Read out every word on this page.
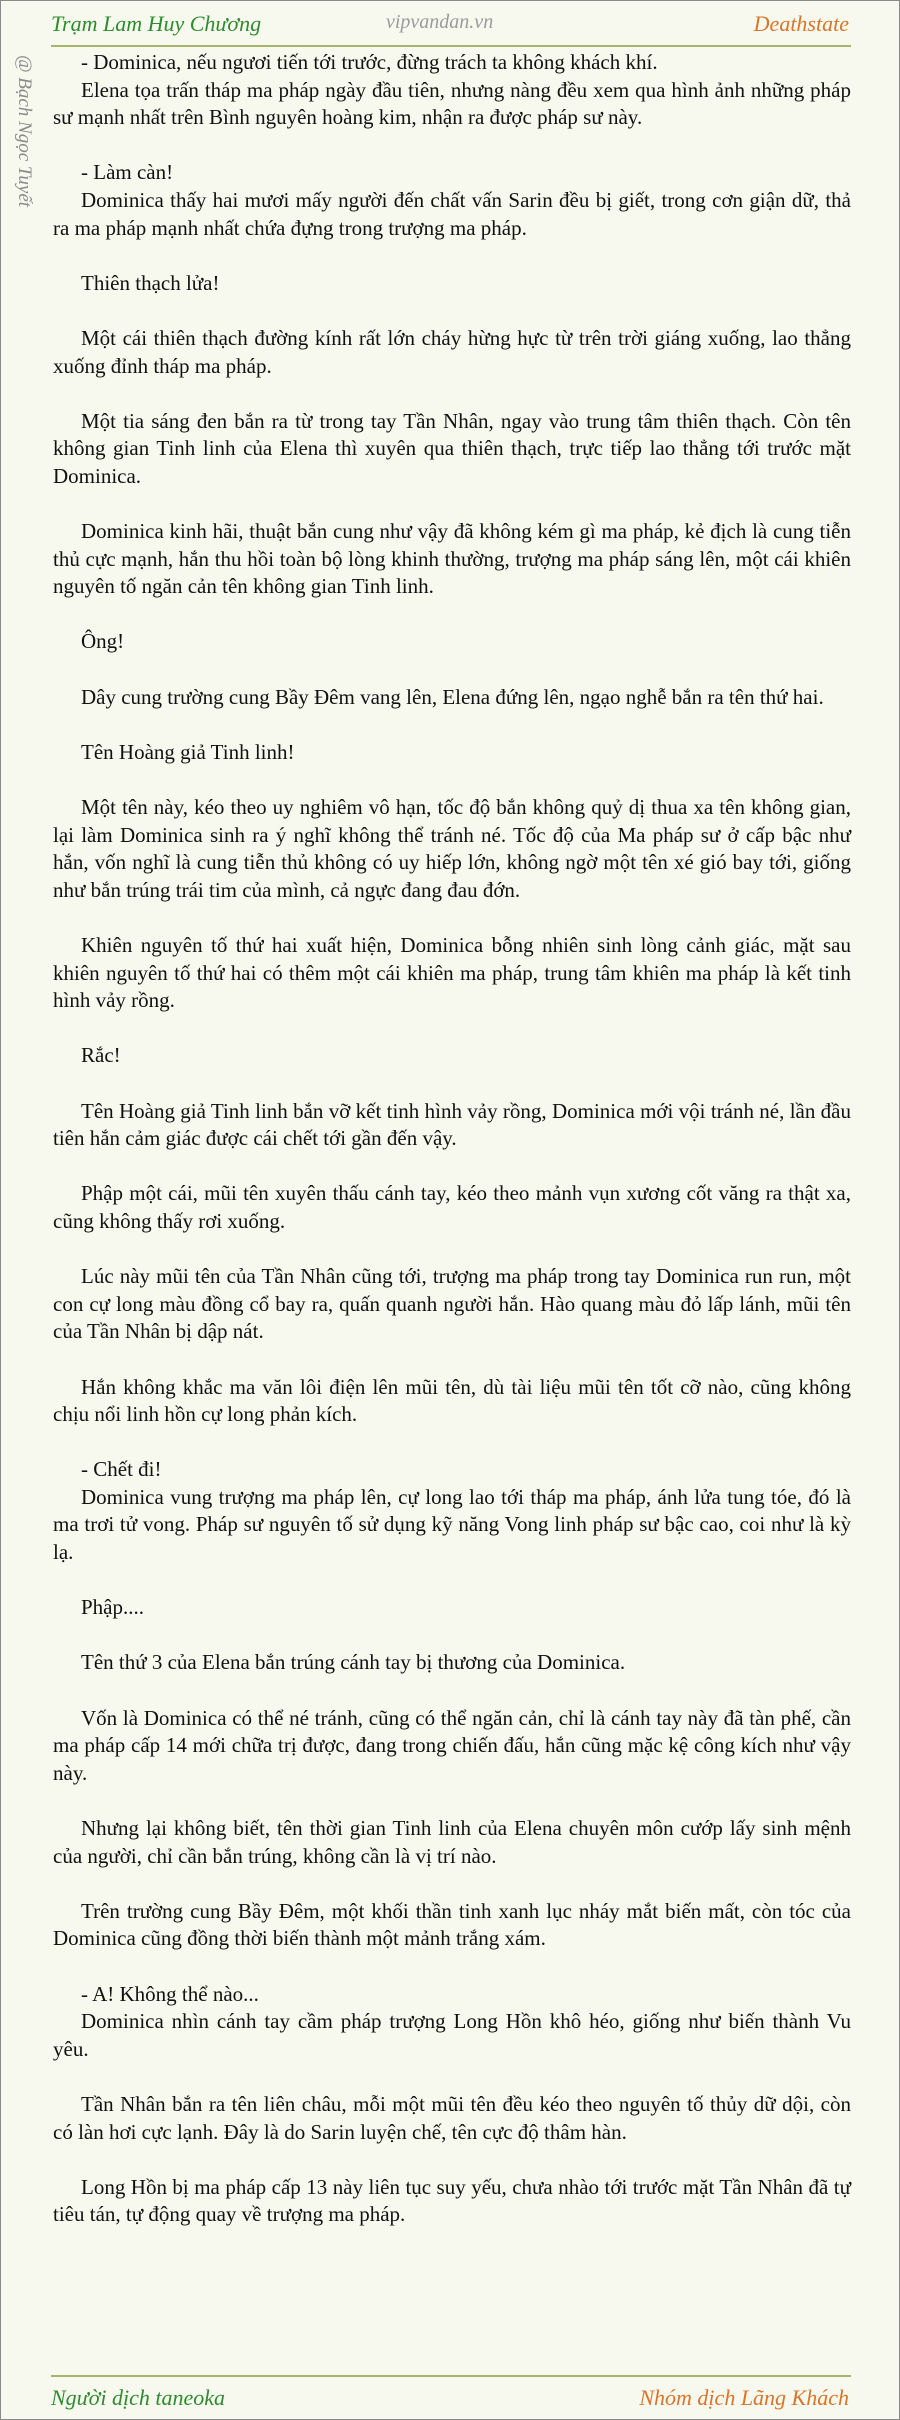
Trạm Lam Huy Chương	vipvandan.vn	Deathstate
@ Bạch Ngọc Tuyết	- Dominica, nếu ngươi tiến tới trước, đừng trách ta không khách khí.

Elena tọa trấn tháp ma pháp ngày đầu tiên, nhưng nàng đều xem qua hình ảnh những pháp sư mạnh nhất trên Bình nguyên hoàng kim, nhận ra được pháp sư này.

- Làm càn!

Dominica thấy hai mươi mấy người đến chất vấn Sarin đều bị giết, trong cơn giận dữ, thả ra ma pháp mạnh nhất chứa đựng trong trượng ma pháp.

Thiên thạch lửa!

Một cái thiên thạch đường kính rất lớn cháy hừng hực từ trên trời giáng xuống, lao thẳng xuống đỉnh tháp ma pháp.

Một tia sáng đen bắn ra từ trong tay Tần Nhân, ngay vào trung tâm thiên thạch. Còn tên không gian Tinh linh của Elena thì xuyên qua thiên thạch, trực tiếp lao thẳng tới trước mặt Dominica.

Dominica kinh hãi, thuật bắn cung như vậy đã không kém gì ma pháp, kẻ địch là cung tiễn thủ cực mạnh, hắn thu hồi toàn bộ lòng khinh thường, trượng ma pháp sáng lên, một cái khiên nguyên tố ngăn cản tên không gian Tinh linh.

Ông!

Dây cung trường cung Bầy Đêm vang lên, Elena đứng lên, ngạo nghễ bắn ra tên thứ hai.

Tên Hoàng giả Tinh linh!

Một tên này, kéo theo uy nghiêm vô hạn, tốc độ bắn không quỷ dị thua xa tên không gian, lại làm Dominica sinh ra ý nghĩ không thể tránh né. Tốc độ của Ma pháp sư ở cấp bậc như hắn, vốn nghĩ là cung tiễn thủ không có uy hiếp lớn, không ngờ một tên xé gió bay tới, giống như bắn trúng trái tim của mình, cả ngực đang đau đớn.

Khiên nguyên tố thứ hai xuất hiện, Dominica bỗng nhiên sinh lòng cảnh giác, mặt sau khiên nguyên tố thứ hai có thêm một cái khiên ma pháp, trung tâm khiên ma pháp là kết tinh hình vảy rồng.

Rắc!

Tên Hoàng giả Tinh linh bắn vỡ kết tinh hình vảy rồng, Dominica mới vội tránh né, lần đầu tiên hắn cảm giác được cái chết tới gần đến vậy.

Phập một cái, mũi tên xuyên thấu cánh tay, kéo theo mảnh vụn xương cốt văng ra thật xa, cũng không thấy rơi xuống.

Lúc này mũi tên của Tần Nhân cũng tới, trượng ma pháp trong tay Dominica run run, một con cự long màu đồng cổ bay ra, quấn quanh người hắn. Hào quang màu đỏ lấp lánh, mũi tên của Tần Nhân bị dập nát.

Hắn không khắc ma văn lôi điện lên mũi tên, dù tài liệu mũi tên tốt cỡ nào, cũng không chịu nổi linh hồn cự long phản kích.

- Chết đi!

Dominica vung trượng ma pháp lên, cự long lao tới tháp ma pháp, ánh lửa tung tóe, đó là ma trơi tử vong. Pháp sư nguyên tố sử dụng kỹ năng Vong linh pháp sư bậc cao, coi như là kỳ lạ.

Phập....

Tên thứ 3 của Elena bắn trúng cánh tay bị thương của Dominica.

Vốn là Dominica có thể né tránh, cũng có thể ngăn cản, chỉ là cánh tay này đã tàn phế, cần ma pháp cấp 14 mới chữa trị được, đang trong chiến đấu, hắn cũng mặc kệ công kích như vậy này.

Nhưng lại không biết, tên thời gian Tinh linh của Elena chuyên môn cướp lấy sinh mệnh của người, chỉ cần bắn trúng, không cần là vị trí nào.

Trên trường cung Bầy Đêm, một khối thần tinh xanh lục nháy mắt biến mất, còn tóc của Dominica cũng đồng thời biến thành một mảnh trắng xám.

- A! Không thể nào...

Dominica nhìn cánh tay cầm pháp trượng Long Hồn khô héo, giống như biến thành Vu yêu.

Tần Nhân bắn ra tên liên châu, mỗi một mũi tên đều kéo theo nguyên tố thủy dữ dội, còn có làn hơi cực lạnh. Đây là do Sarin luyện chế, tên cực độ thâm hàn.

Long Hồn bị ma pháp cấp 13 này liên tục suy yếu, chưa nhào tới trước mặt Tần Nhân đã tự tiêu tán, tự động quay về trượng ma pháp.

Người dịch taneoka	Nhóm dịch Lãng Khách
